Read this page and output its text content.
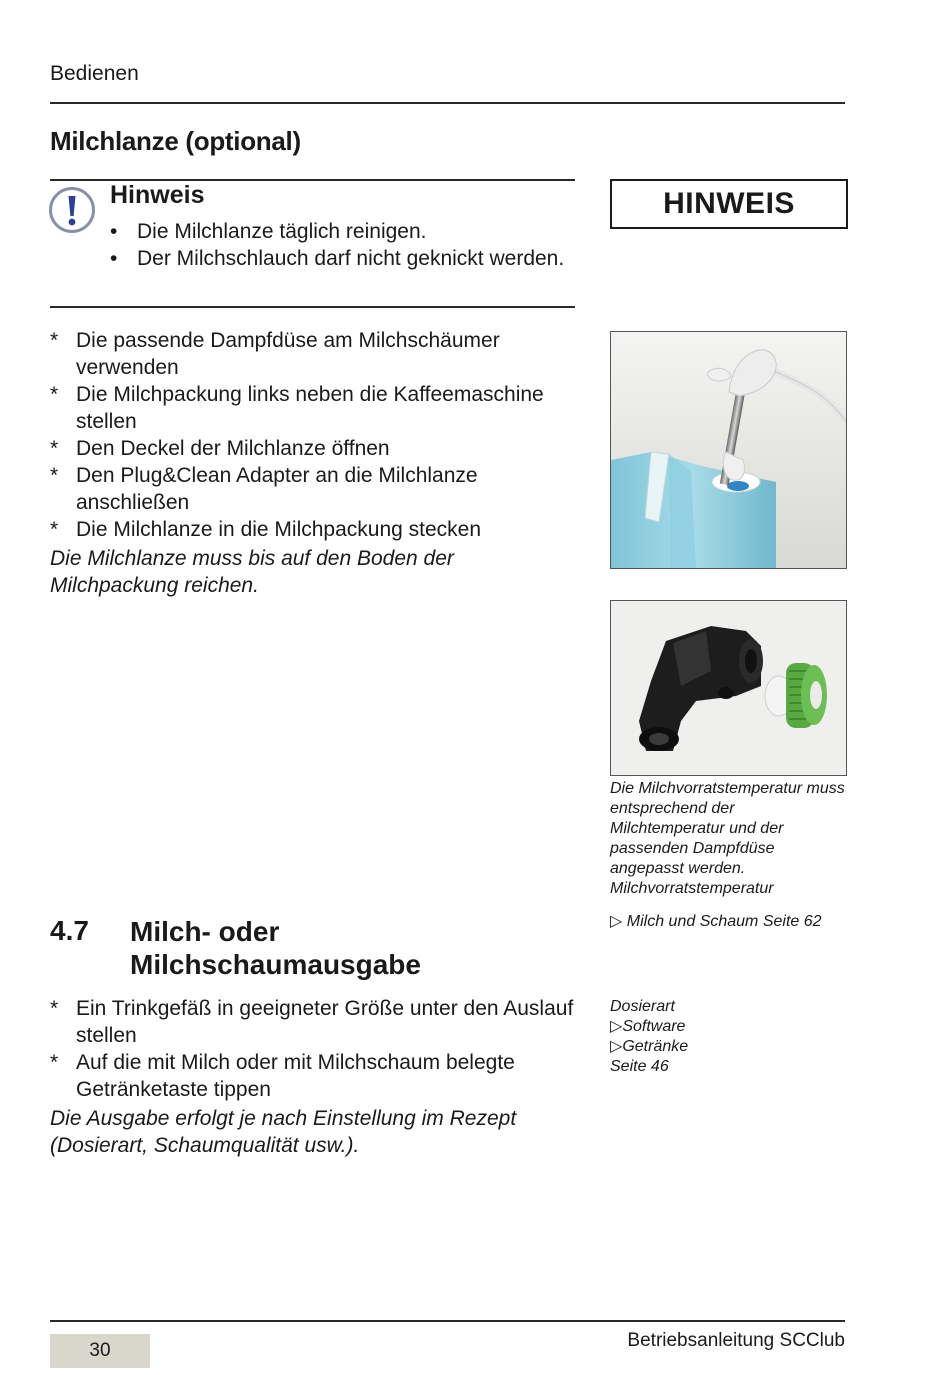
Bedienen
Milchlanze (optional)
Hinweis
• Die Milchlanze täglich reinigen.
• Der Milchschlauch darf nicht geknickt werden.
HINWEIS
* Die passende Dampfdüse am Milchschäumer verwenden
* Die Milchpackung links neben die Kaffeemaschine stellen
* Den Deckel der Milchlanze öffnen
* Den Plug&Clean Adapter an die Milchlanze anschließen
* Die Milchlanze in die Milchpackung stecken
Die Milchlanze muss bis auf den Boden der Milchpackung reichen.
Die Milchvorratstemperatur muss entsprechend der Milchtemperatur und der passenden Dampfdüse angepasst werden. Milchvorratstemperatur
▷ Milch und Schaum Seite 62
Dosierart
▷Software
▷Getränke
Seite 46
4.7 Milch- oder Milchschaumausgabe
* Ein Trinkgefäß in geeigneter Größe unter den Auslauf stellen
* Auf die mit Milch oder mit Milchschaum belegte Getränketaste tippen
Die Ausgabe erfolgt je nach Einstellung im Rezept (Dosierart, Schaumqualität usw.).
30	Betriebsanleitung SCClub
